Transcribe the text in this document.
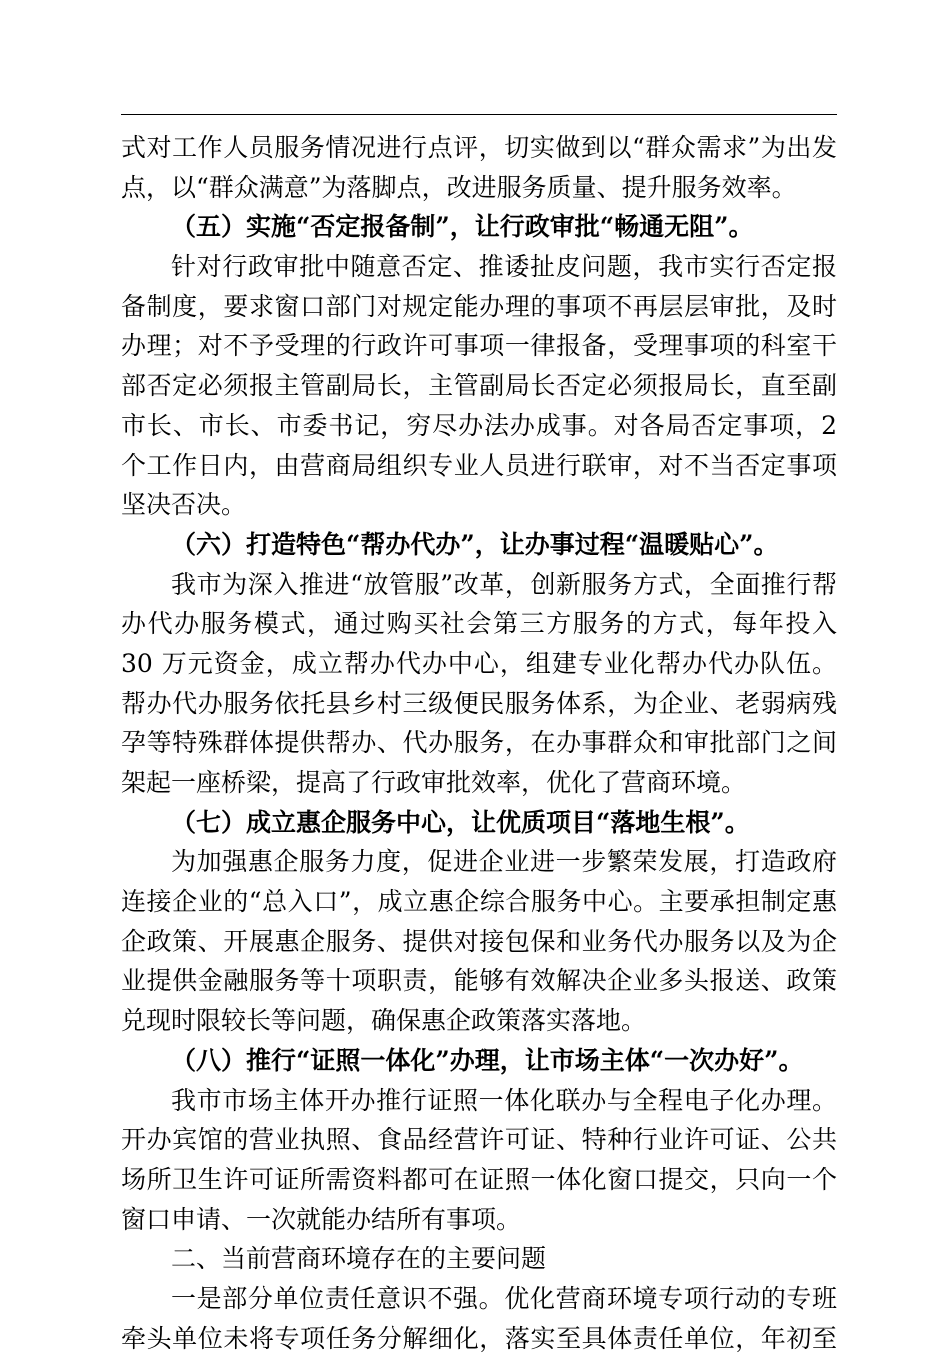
式对工作人员服务情况进行点评，切实做到以“群众需求”为出发
点，以“群众满意”为落脚点，改进服务质量、提升服务效率。
（五）实施“否定报备制”，让行政审批“畅通无阻”。
针对行政审批中随意否定、推诿扯皮问题，我市实行否定报
备制度，要求窗口部门对规定能办理的事项不再层层审批，及时
办理；对不予受理的行政许可事项一律报备，受理事项的科室干
部否定必须报主管副局长，主管副局长否定必须报局长，直至副
市长、市长、市委书记，穷尽办法办成事。对各局否定事项，2
个工作日内，由营商局组织专业人员进行联审，对不当否定事项
坚决否决。
（六）打造特色“帮办代办”，让办事过程“温暖贴心”。
我市为深入推进“放管服”改革，创新服务方式，全面推行帮
办代办服务模式，通过购买社会第三方服务的方式，每年投入
30 万元资金，成立帮办代办中心，组建专业化帮办代办队伍。
帮办代办服务依托县乡村三级便民服务体系，为企业、老弱病残
孕等特殊群体提供帮办、代办服务，在办事群众和审批部门之间
架起一座桥梁，提高了行政审批效率，优化了营商环境。
（七）成立惠企服务中心，让优质项目“落地生根”。
为加强惠企服务力度，促进企业进一步繁荣发展，打造政府
连接企业的“总入口”，成立惠企综合服务中心。主要承担制定惠
企政策、开展惠企服务、提供对接包保和业务代办服务以及为企
业提供金融服务等十项职责，能够有效解决企业多头报送、政策
兑现时限较长等问题，确保惠企政策落实落地。
（八）推行“证照一体化”办理，让市场主体“一次办好”。
我市市场主体开办推行证照一体化联办与全程电子化办理。
开办宾馆的营业执照、食品经营许可证、特种行业许可证、公共
场所卫生许可证所需资料都可在证照一体化窗口提交，只向一个
窗口申请、一次就能办结所有事项。
二、当前营商环境存在的主要问题
一是部分单位责任意识不强。优化营商环境专项行动的专班
牵头单位未将专项任务分解细化，落实至具体责任单位，年初至
